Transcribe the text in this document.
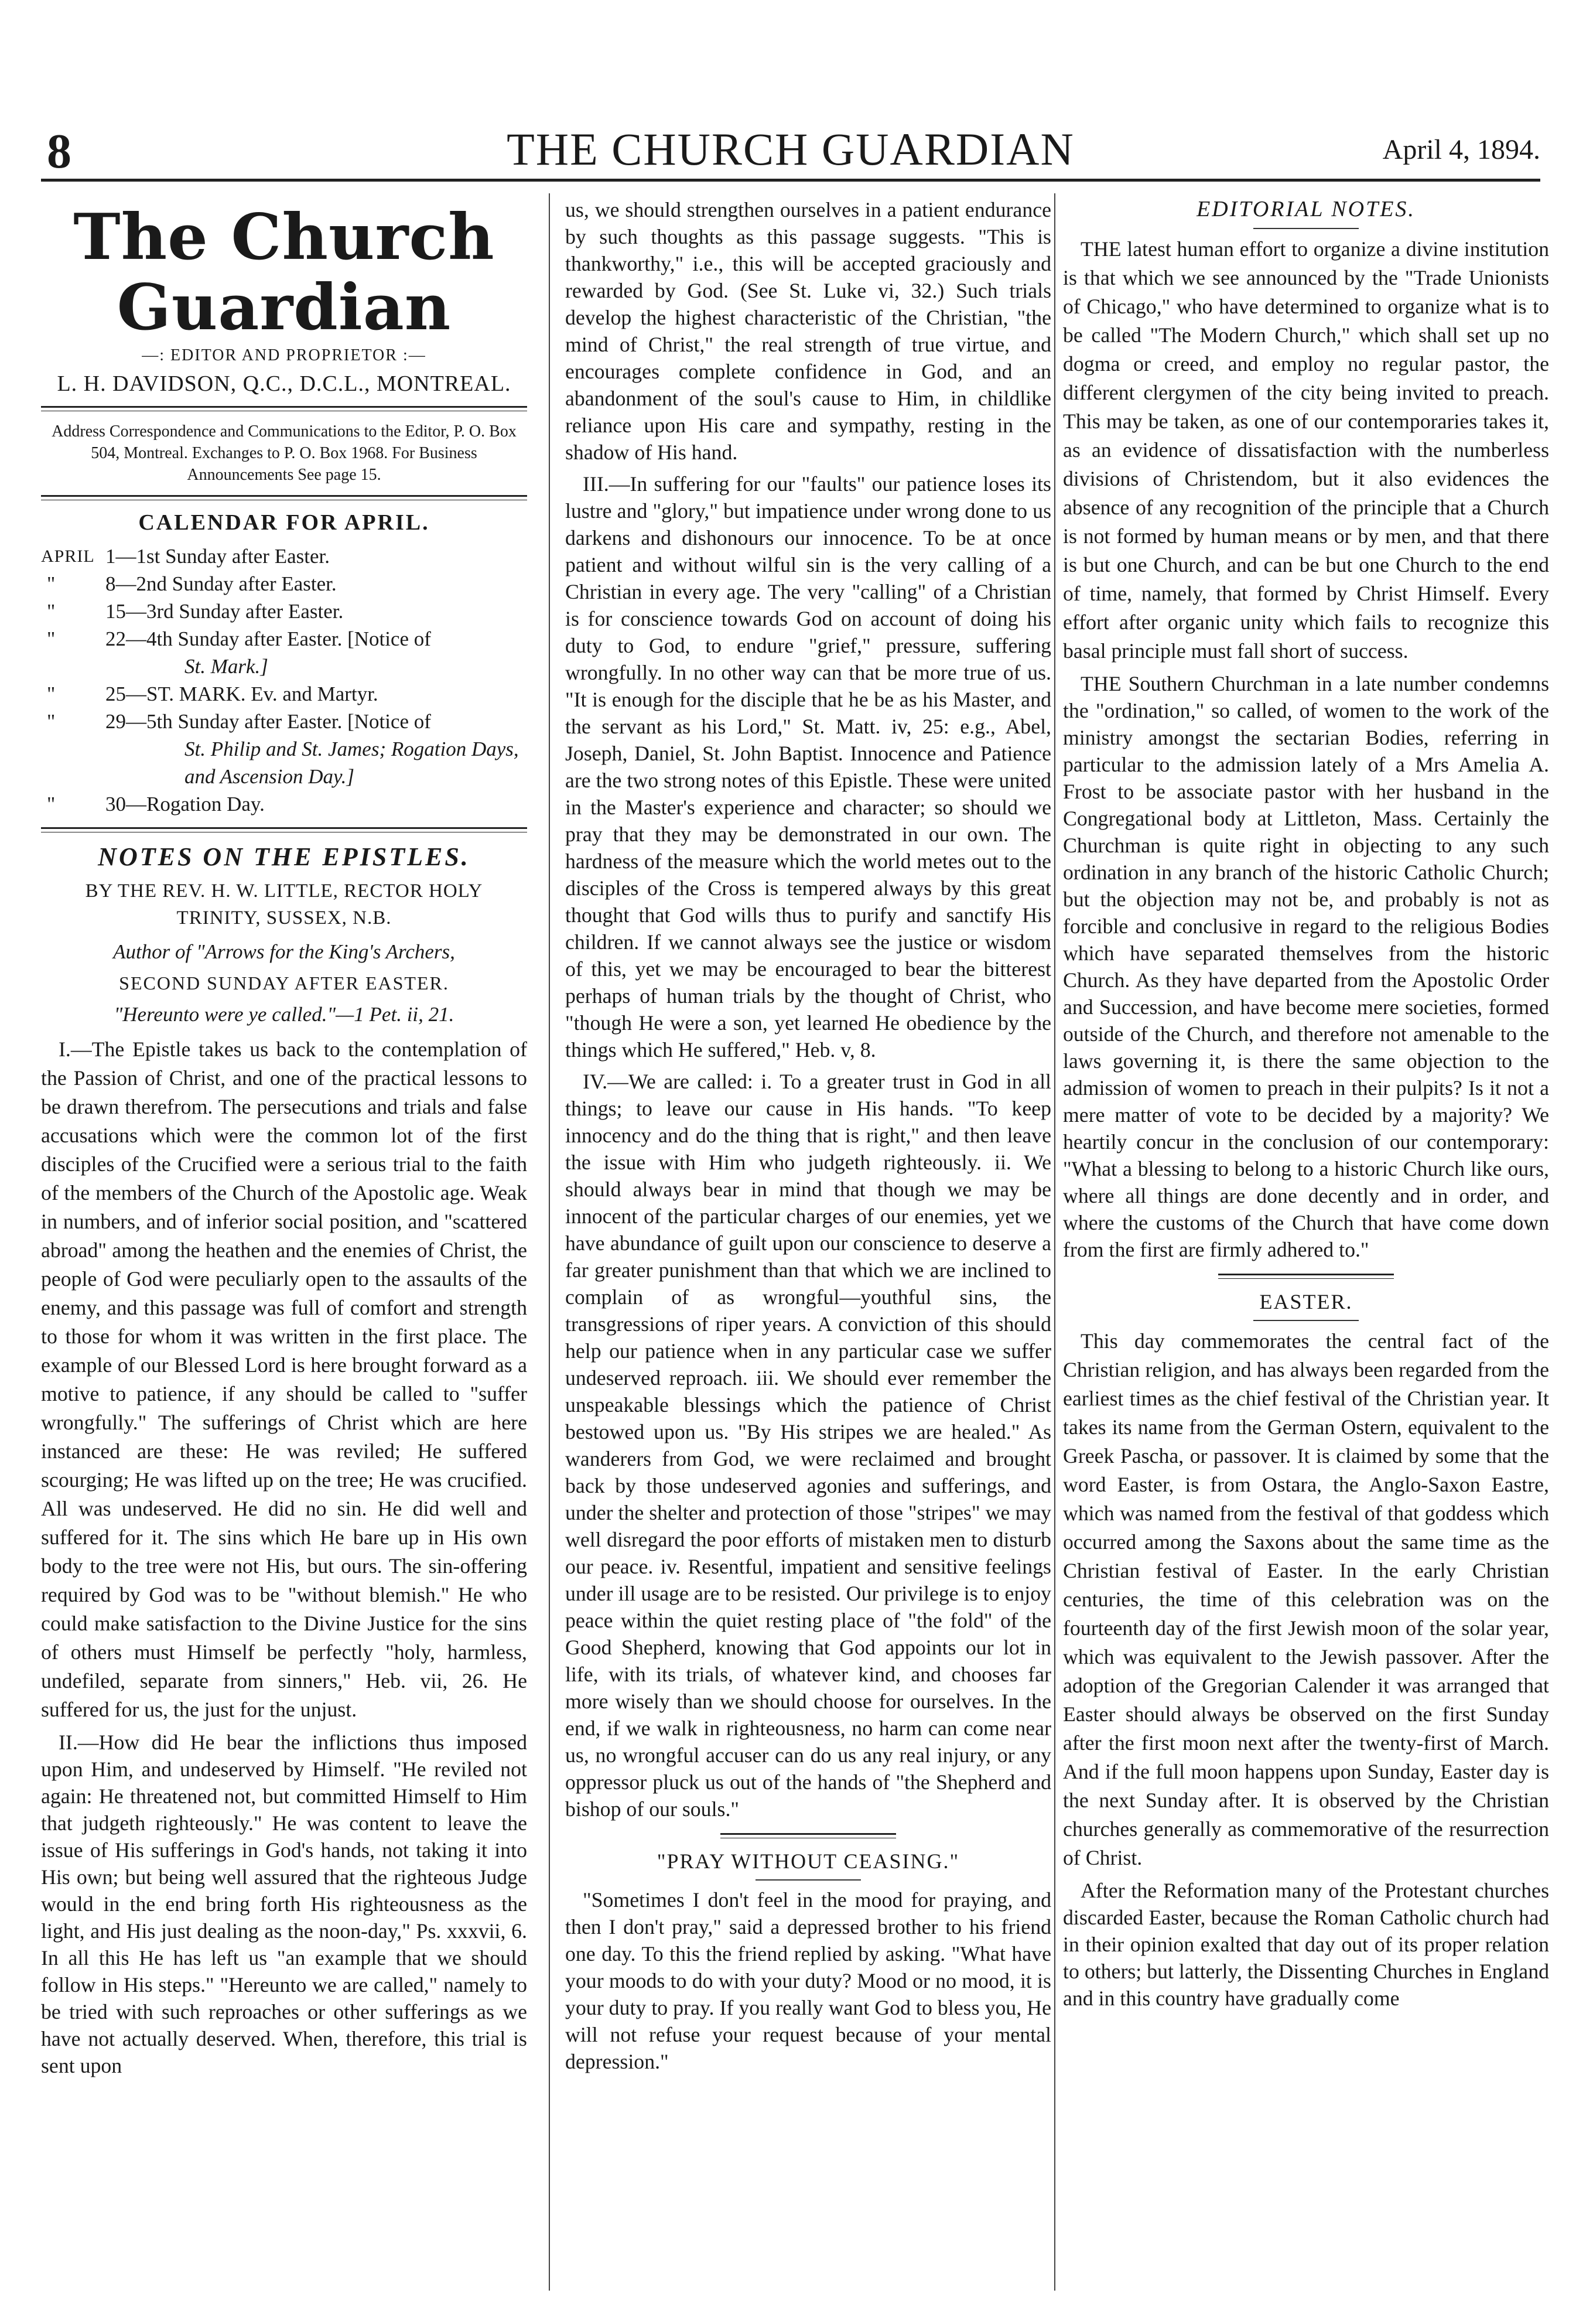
8	THE CHURCH GUARDIAN	April 4, 1894.
The Church Guardian
—: EDITOR AND PROPRIETOR :—
L. H. DAVIDSON, Q.C., D.C.L., MONTREAL.
Address Correspondence and Communications to the Editor, P. O. Box 504, Montreal. Exchanges to P. O. Box 1968. For Business Announcements See page 15.
CALENDAR FOR APRIL.
APRIL 1—1st Sunday after Easter.
" 8—2nd Sunday after Easter.
" 15—3rd Sunday after Easter.
" 22—4th Sunday after Easter. [Notice of
St. Mark.]
" 25—ST. MARK. Ev. and Martyr.
" 29—5th Sunday after Easter. [Notice of
St. Philip and St. James; Rogation Days, and Ascension Day.]
" 30—Rogation Day.
NOTES ON THE EPISTLES.
BY THE REV. H. W. LITTLE, RECTOR HOLY TRINITY, SUSSEX, N.B.
Author of "Arrows for the King's Archers,
SECOND SUNDAY AFTER EASTER.
"Hereunto were ye called."—1 Pet. ii, 21.

I.—The Epistle takes us back to the contemplation of the Passion of Christ, and one of the practical lessons to be drawn therefrom. The persecutions and trials and false accusations which were the common lot of the first disciples of the Crucified were a serious trial to the faith of the members of the Church of the Apostolic age. Weak in numbers, and of inferior social position, and "scattered abroad" among the heathen and the enemies of Christ, the people of God were peculiarly open to the assaults of the enemy, and this passage was full of comfort and strength to those for whom it was written in the first place. The example of our Blessed Lord is here brought forward as a motive to patience, if any should be called to "suffer wrongfully." The sufferings of Christ which are here instanced are these: He was reviled; He suffered scourging; He was lifted up on the tree; He was crucified. All was undeserved. He did no sin. He did well and suffered for it. The sins which He bare up in His own body to the tree were not His, but ours. The sin-offering required by God was to be "without blemish." He who could make satisfaction to the Divine Justice for the sins of others must Himself be perfectly "holy, harmless, undefiled, separate from sinners," Heb. vii, 26. He suffered for us, the just for the unjust.

II.—How did He bear the inflictions thus imposed upon Him, and undeserved by Himself. "He reviled not again: He threatened not, but committed Himself to Him that judgeth righteously." He was content to leave the issue of His sufferings in God's hands, not taking it into His own; but being well assured that the righteous Judge would in the end bring forth His righteousness as the light, and His just dealing as the noon-day," Ps. xxxvii, 6. In all this He has left us "an example that we should follow in His steps." "Hereunto we are called," namely to be tried with such reproaches or other sufferings as we have not actually deserved. When, therefore, this trial is sent upon

us, we should strengthen ourselves in a patient endurance by such thoughts as this passage suggests. "This is thankworthy," i.e., this will be accepted graciously and rewarded by God. (See St. Luke vi, 32.) Such trials develop the highest characteristic of the Christian, "the mind of Christ," the real strength of true virtue, and encourages complete confidence in God, and an abandonment of the soul's cause to Him, in childlike reliance upon His care and sympathy, resting in the shadow of His hand.

III.—In suffering for our "faults" our patience loses its lustre and "glory," but impatience under wrong done to us darkens and dishonours our innocence. To be at once patient and without wilful sin is the very calling of a Christian in every age. The very "calling" of a Christian is for conscience towards God on account of doing his duty to God, to endure "grief," pressure, suffering wrongfully. In no other way can that be more true of us. "It is enough for the disciple that he be as his Master, and the servant as his Lord," St. Matt. iv, 25: e.g., Abel, Joseph, Daniel, St. John Baptist. Innocence and Patience are the two strong notes of this Epistle. These were united in the Master's experience and character; so should we pray that they may be demonstrated in our own. The hardness of the measure which the world metes out to the disciples of the Cross is tempered always by this great thought that God wills thus to purify and sanctify His children. If we cannot always see the justice or wisdom of this, yet we may be encouraged to bear the bitterest perhaps of human trials by the thought of Christ, who "though He were a son, yet learned He obedience by the things which He suffered," Heb. v, 8.

IV.—We are called: i. To a greater trust in God in all things; to leave our cause in His hands. "To keep innocency and do the thing that is right," and then leave the issue with Him who judgeth righteously. ii. We should always bear in mind that though we may be innocent of the particular charges of our enemies, yet we have abundance of guilt upon our conscience to deserve a far greater punishment than that which we are inclined to complain of as wrongful—youthful sins, the transgressions of riper years. A conviction of this should help our patience when in any particular case we suffer undeserved reproach. iii. We should ever remember the unspeakable blessings which the patience of Christ bestowed upon us. "By His stripes we are healed." As wanderers from God, we were reclaimed and brought back by those undeserved agonies and sufferings, and under the shelter and protection of those "stripes" we may well disregard the poor efforts of mistaken men to disturb our peace. iv. Resentful, impatient and sensitive feelings under ill usage are to be resisted. Our privilege is to enjoy peace within the quiet resting place of "the fold" of the Good Shepherd, knowing that God appoints our lot in life, with its trials, of whatever kind, and chooses far more wisely than we should choose for ourselves. In the end, if we walk in righteousness, no harm can come near us, no wrongful accuser can do us any real injury, or any oppressor pluck us out of the hands of "the Shepherd and bishop of our souls."

"PRAY WITHOUT CEASING."

"Sometimes I don't feel in the mood for praying, and then I don't pray," said a depressed brother to his friend one day. To this the friend replied by asking. "What have your moods to do with your duty? Mood or no mood, it is your duty to pray. If you really want God to bless you, He will not refuse your request because of your mental depression."

EDITORIAL NOTES.

THE latest human effort to organize a divine institution is that which we see announced by the "Trade Unionists of Chicago," who have determined to organize what is to be called "The Modern Church," which shall set up no dogma or creed, and employ no regular pastor, the different clergymen of the city being invited to preach. This may be taken, as one of our contemporaries takes it, as an evidence of dissatisfaction with the numberless divisions of Christendom, but it also evidences the absence of any recognition of the principle that a Church is not formed by human means or by men, and that there is but one Church, and can be but one Church to the end of time, namely, that formed by Christ Himself. Every effort after organic unity which fails to recognize this basal principle must fall short of success.

THE Southern Churchman in a late number condemns the "ordination," so called, of women to the work of the ministry amongst the sectarian Bodies, referring in particular to the admission lately of a Mrs Amelia A. Frost to be associate pastor with her husband in the Congregational body at Littleton, Mass. Certainly the Churchman is quite right in objecting to any such ordination in any branch of the historic Catholic Church; but the objection may not be, and probably is not as forcible and conclusive in regard to the religious Bodies which have separated themselves from the historic Church. As they have departed from the Apostolic Order and Succession, and have become mere societies, formed outside of the Church, and therefore not amenable to the laws governing it, is there the same objection to the admission of women to preach in their pulpits? Is it not a mere matter of vote to be decided by a majority? We heartily concur in the conclusion of our contemporary: "What a blessing to belong to a historic Church like ours, where all things are done decently and in order, and where the customs of the Church that have come down from the first are firmly adhered to."

EASTER.

This day commemorates the central fact of the Christian religion, and has always been regarded from the earliest times as the chief festival of the Christian year. It takes its name from the German Ostern, equivalent to the Greek Pascha, or passover. It is claimed by some that the word Easter, is from Ostara, the Anglo-Saxon Eastre, which was named from the festival of that goddess which occurred among the Saxons about the same time as the Christian festival of Easter. In the early Christian centuries, the time of this celebration was on the fourteenth day of the first Jewish moon of the solar year, which was equivalent to the Jewish passover. After the adoption of the Gregorian Calender it was arranged that Easter should always be observed on the first Sunday after the first moon next after the twenty-first of March. And if the full moon happens upon Sunday, Easter day is the next Sunday after. It is observed by the Christian churches generally as commemorative of the resurrection of Christ.

After the Reformation many of the Protestant churches discarded Easter, because the Roman Catholic church had in their opinion exalted that day out of its proper relation to others; but latterly, the Dissenting Churches in England and in this country have gradually come
